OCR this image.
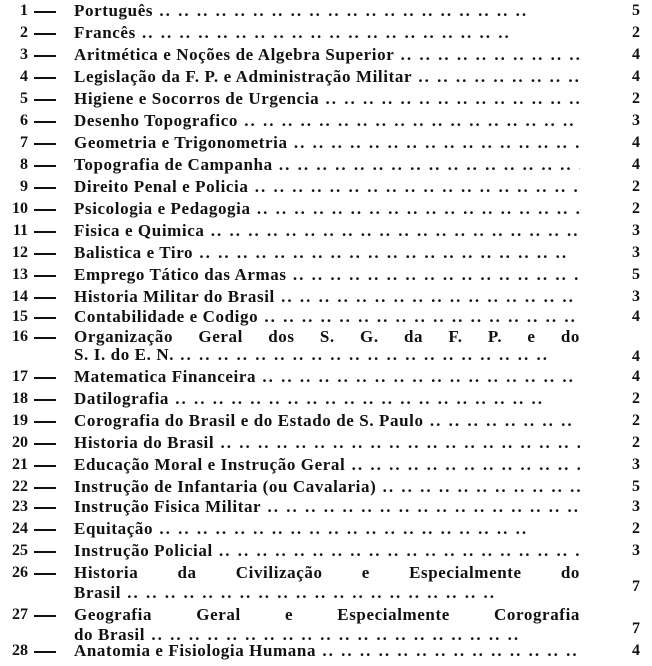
1	Português .. ..	5
2	Francês .. ..	2
3	Aritmética e Noções de Algebra Superior .. ..	4
4	Legislação da F. P. e Administração Militar .. ..	4
5	Higiene e Socorros de Urgencia .. ..	2
6	Desenho Topografico .. ..	3
7	Geometria e Trigonometria .. ..	4
8	Topografia de Campanha .. ..	4
9	Direito Penal e Policia .. ..	2
10	Psicologia e Pedagogia .. ..	2
11	Fisica e Quimica .. ..	3
12	Balistica e Tiro .. ..	3
13	Emprego Tático das Armas .. ..	5
14	Historia Militar do Brasil .. ..	3
15	Contabilidade e Codigo .. ..	4
16	Organização Geral dos S. G. da F. P. e do
S. I. do E. N. .. ..	4
17	Matematica Financeira .. ..	4
18	Datilografia .. ..	2
19	Corografia do Brasil e do Estado de S. Paulo .. ..	2
20	Historia do Brasil .. ..	2
21	Educação Moral e Instrução Geral .. ..	3
22	Instrução de Infantaria (ou Cavalaria) .. ..	5
23	Instrução Fisica Militar .. ..	3
24	Equitação .. ..	2
25	Instrução Policial .. ..	3
26	Historia da Civilização e Especialmente do
Brasil .. ..	7
27	Geografia Geral e Especialmente Corografia
do Brasil .. ..	7
28	Anatomia e Fisiologia Humana .. ..	4
